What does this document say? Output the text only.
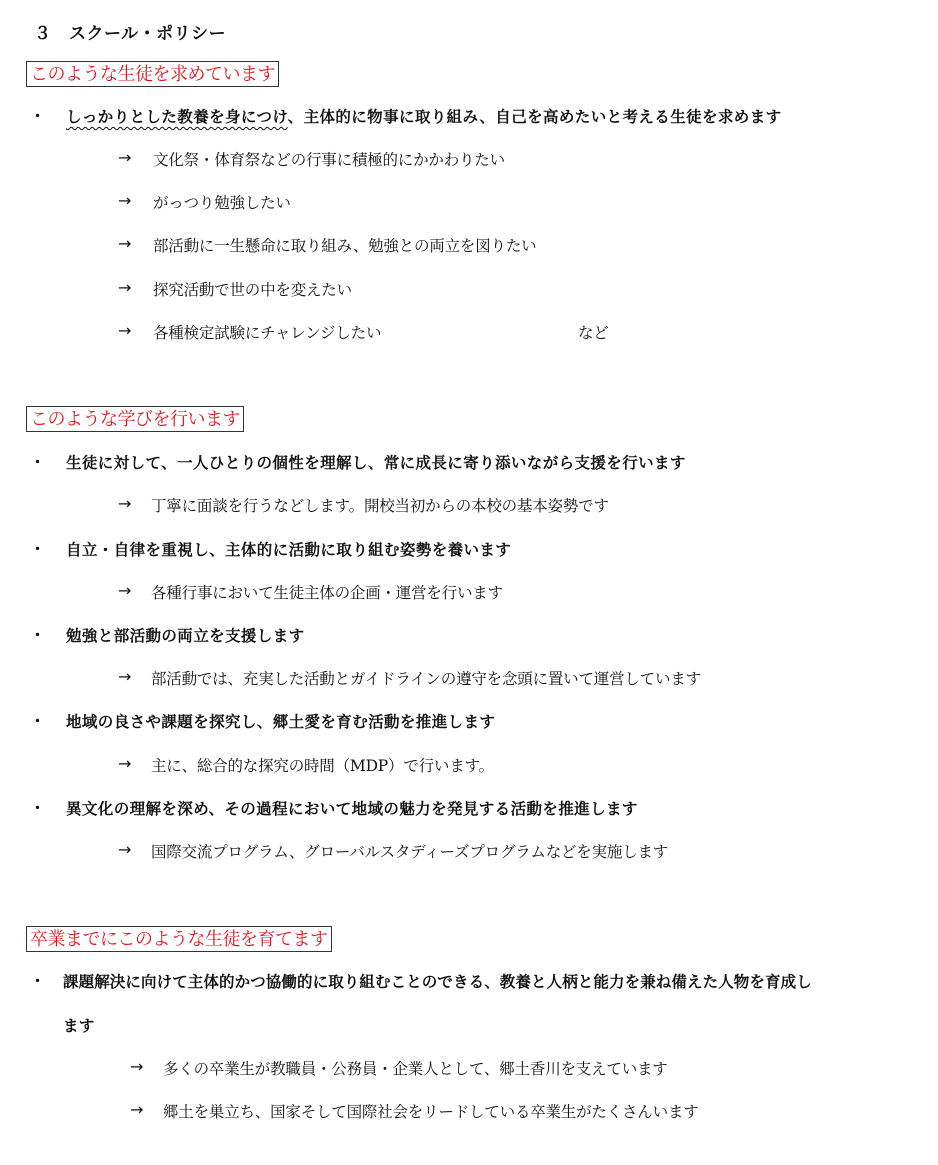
３　スクール・ポリシー
このような生徒を求めています
・ しっかりとした教養を身につけ、主体的に物事に取り組み、自己を高めたいと考える生徒を求めます
→ 文化祭・体育祭などの行事に積極的にかかわりたい
→ がっつり勉強したい
→ 部活動に一生懸命に取り組み、勉強との両立を図りたい
→ 探究活動で世の中を変えたい
→ 各種検定試験にチャレンジしたい	など
このような学びを行います
・ 生徒に対して、一人ひとりの個性を理解し、常に成長に寄り添いながら支援を行います
→ 丁寧に面談を行うなどします。開校当初からの本校の基本姿勢です
・ 自立・自律を重視し、主体的に活動に取り組む姿勢を養います
→ 各種行事において生徒主体の企画・運営を行います
・ 勉強と部活動の両立を支援します
→ 部活動では、充実した活動とガイドラインの遵守を念頭に置いて運営しています
・ 地域の良さや課題を探究し、郷土愛を育む活動を推進します
→ 主に、総合的な探究の時間（MDP）で行います。
・ 異文化の理解を深め、その過程において地域の魅力を発見する活動を推進します
→ 国際交流プログラム、グローバルスタディーズプログラムなどを実施します
卒業までにこのような生徒を育てます
・ 課題解決に向けて主体的かつ協働的に取り組むことのできる、教養と人柄と能力を兼ね備えた人物を育成し
ます
→ 多くの卒業生が教職員・公務員・企業人として、郷土香川を支えています
→ 郷土を巣立ち、国家そして国際社会をリードしている卒業生がたくさんいます
